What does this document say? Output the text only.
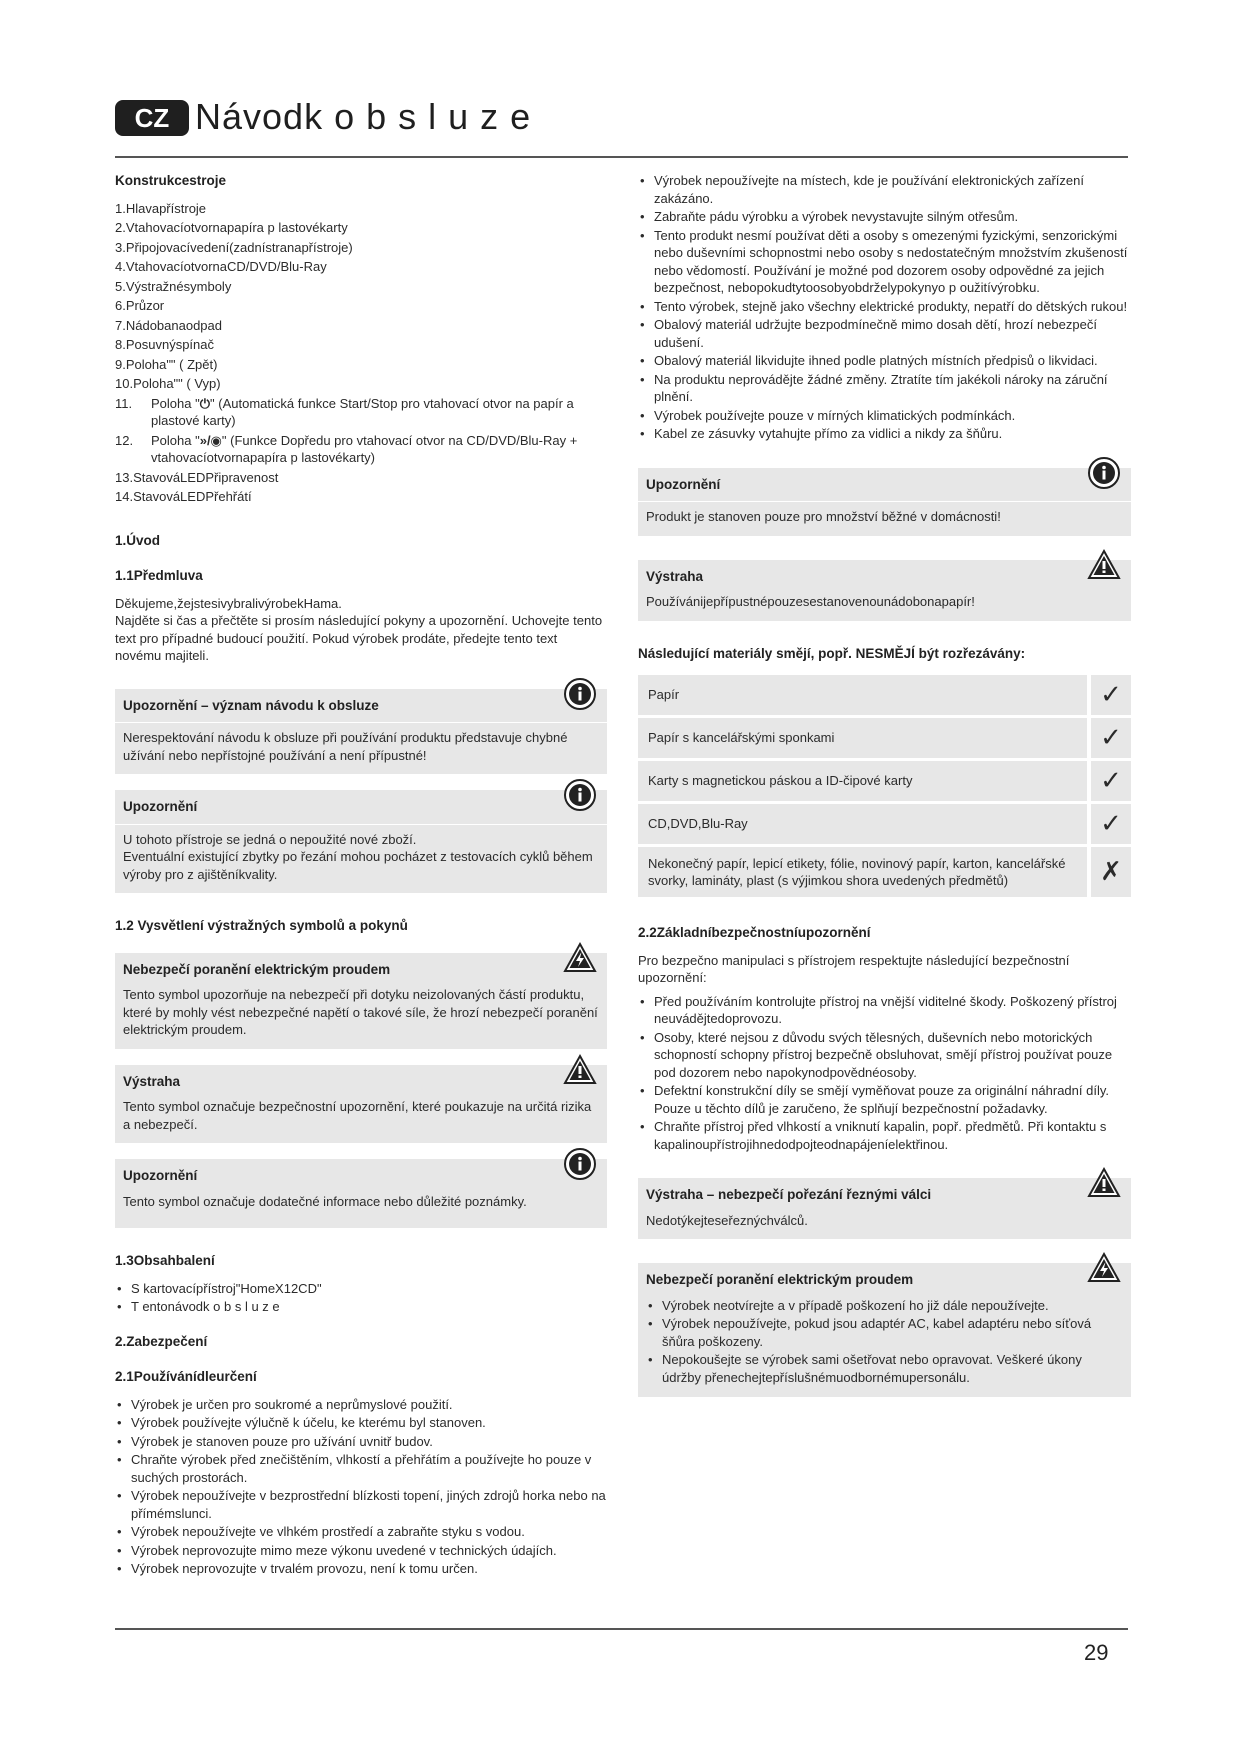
CZ Návodk o b s l u z e
Konstrukcestroje
1.Hlavapřístroje
2.Vtahovacíotvornapapíra p lastovékarty
3.Připojovacívedení(zadnístranapřístroje)
4.VtahovacíotvornaCD/DVD/Blu-Ray
5.Výstražnésymboly
6.Průzor
7.Nádobanaodpad
8.Posuvnýspínač
9.Poloha"" ( Zpět)
10.Poloha"" ( Vyp)
11.	Poloha "⏻" (Automatická funkce Start/Stop pro vtahovací otvor na papír a plastové karty)
12.	Poloha "»/◉" (Funkce Dopředu pro vtahovací otvor na CD/DVD/Blu-Ray + vtahovacíotvornapapíra p lastovékarty)
13.StavováLEDPřipravenost
14.StavováLEDPřehřátí
1.Úvod
1.1Předmluva

Děkujeme,žejstesivybralivýrobekHama.

Najděte si čas a přečtěte si prosím následující pokyny a upozornění. Uchovejte tento text pro případné budoucí použití. Pokud výrobek prodáte, předejte tento text novému majiteli.

Upozornění – význam návodu k obsluze

Nerespektování návodu k obsluze při používání produktu představuje chybné užívání nebo nepřístojné používání a není přípustné!

Upozornění

U tohoto přístroje se jedná o nepoužité nové zboží.

Eventuální existující zbytky po řezání mohou pocházet z testovacích cyklů během výroby pro z ajištěníkvality.

1.2 Vysvětlení výstražných symbolů a pokynů
Nebezpečí poranění elektrickým proudem

Tento symbol upozorňuje na nebezpečí při dotyku neizolovaných částí produktu, které by mohly vést nebezpečné napětí o takové síle, že hrozí nebezpečí poranění elektrickým proudem.

Výstraha

Tento symbol označuje bezpečnostní upozornění, které poukazuje na určitá rizika a nebezpečí.

Upozornění

Tento symbol označuje dodatečné informace nebo důležité poznámky.

1.3Obsahbalení
• S kartovacípřístroj"HomeX12CD"
• T entonávodk o b s l u z e
2.Zabezpečení
2.1Používánídleurčení
• Výrobek je určen pro soukromé a neprůmyslové použití.
• Výrobek používejte výlučně k účelu, ke kterému byl stanoven.
• Výrobek je stanoven pouze pro užívání uvnitř budov.
• Chraňte výrobek před znečištěním, vlhkostí a přehřátím a používejte ho pouze v suchých prostorách.
• Výrobek nepoužívejte v bezprostřední blízkosti topení, jiných zdrojů horka nebo na přímémslunci.
• Výrobek nepoužívejte ve vlhkém prostředí a zabraňte styku s vodou.
• Výrobek neprovozujte mimo meze výkonu uvedené v technických údajích.
• Výrobek neprovozujte v trvalém provozu, není k tomu určen.
• Výrobek nepoužívejte na místech, kde je používání elektronických zařízení zakázáno.
• Zabraňte pádu výrobku a výrobek nevystavujte silným otřesům.
• Tento produkt nesmí používat děti a osoby s omezenými fyzickými, senzorickými nebo duševními schopnostmi nebo osoby s nedostatečným množstvím zkušeností nebo vědomostí. Používání je možné pod dozorem osoby odpovědné za jejich bezpečnost, nebopokudtytoosobyobdrželypokynyo p oužitívýrobku.
• Tento výrobek, stejně jako všechny elektrické produkty, nepatří do dětských rukou!
• Obalový materiál udržujte bezpodmínečně mimo dosah dětí, hrozí nebezpečí udušení.
• Obalový materiál likvidujte ihned podle platných místních předpisů o likvidaci.
• Na produktu neprovádějte žádné změny. Ztratíte tím jakékoli nároky na záruční plnění.
• Výrobek používejte pouze v mírných klimatických podmínkách.
• Kabel ze zásuvky vytahujte přímo za vidlici a nikdy za šňůru.
Upozornění

Produkt je stanoven pouze pro množství běžné v domácnosti!

Výstraha

Používánijepřípustnépouzesestanovenounádobonapapír!

Následující materiály smějí, popř. NESMĚJÍ být rozřezávány:
Papír	✓
Papír s kancelářskými sponkami	✓
Karty s magnetickou páskou a ID-čipové karty	✓
CD,DVD,Blu-Ray	✓
Nekonečný papír, lepicí etikety, fólie, novinový papír, karton, kancelářské svorky, lamináty, plast (s výjimkou shora uvedených předmětů)	✗
2.2Základníbezpečnostníupozornění

Pro bezpečno manipulaci s přístrojem respektujte následující bezpečnostní upozornění:

• Před používáním kontrolujte přístroj na vnější viditelné škody. Poškozený přístroj neuvádějtedoprovozu.
• Osoby, které nejsou z důvodu svých tělesných, duševních nebo motorických schopností schopny přístroj bezpečně obsluhovat, smějí přístroj používat pouze pod dozorem nebo napokynodpovědnéosoby.
• Defektní konstrukční díly se smějí vyměňovat pouze za originální náhradní díly. Pouze u těchto dílů je zaručeno, že splňují bezpečnostní požadavky.
• Chraňte přístroj před vlhkostí a vniknutí kapalin, popř. předmětů. Při kontaktu s kapalinoupřístrojihnedodpojteodnapájeníelektřinou.
Výstraha – nebezpečí pořezání řeznými válci

Nedotýkejteseřeznýchválců.

Nebezpečí poranění elektrickým proudem
• Výrobek neotvírejte a v případě poškození ho již dále nepoužívejte.
• Výrobek nepoužívejte, pokud jsou adaptér AC, kabel adaptéru nebo síťová šňůra poškozeny.
• Nepokoušejte se výrobek sami ošetřovat nebo opravovat. Veškeré úkony údržby přenechejtepříslušnémuodbornémupersonálu.
29
